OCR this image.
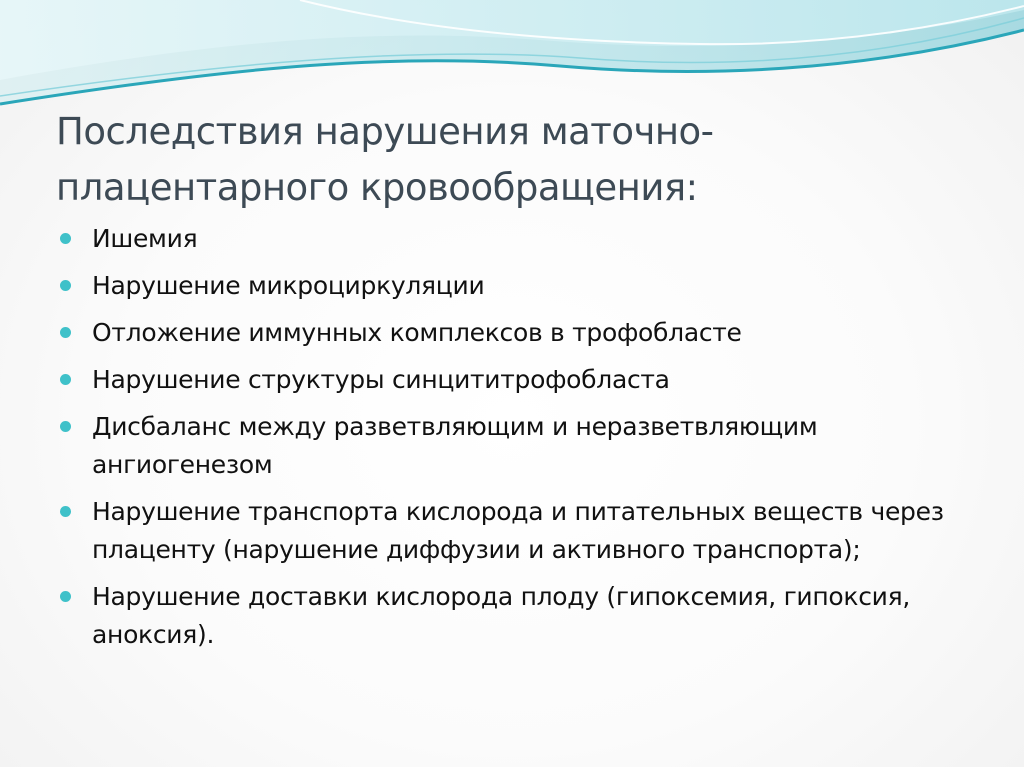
Последствия нарушения маточно-
плацентарного кровообращения:
Ишемия
Нарушение микроциркуляции
Отложение иммунных комплексов в трофобласте
Нарушение структуры синцититрофобласта
Дисбаланс между разветвляющим и неразветвляющим ангиогенезом
Нарушение транспорта кислорода и питательных веществ через плаценту (нарушение диффузии и активного транспорта);
Нарушение доставки кислорода плоду (гипоксемия, гипоксия, аноксия).
